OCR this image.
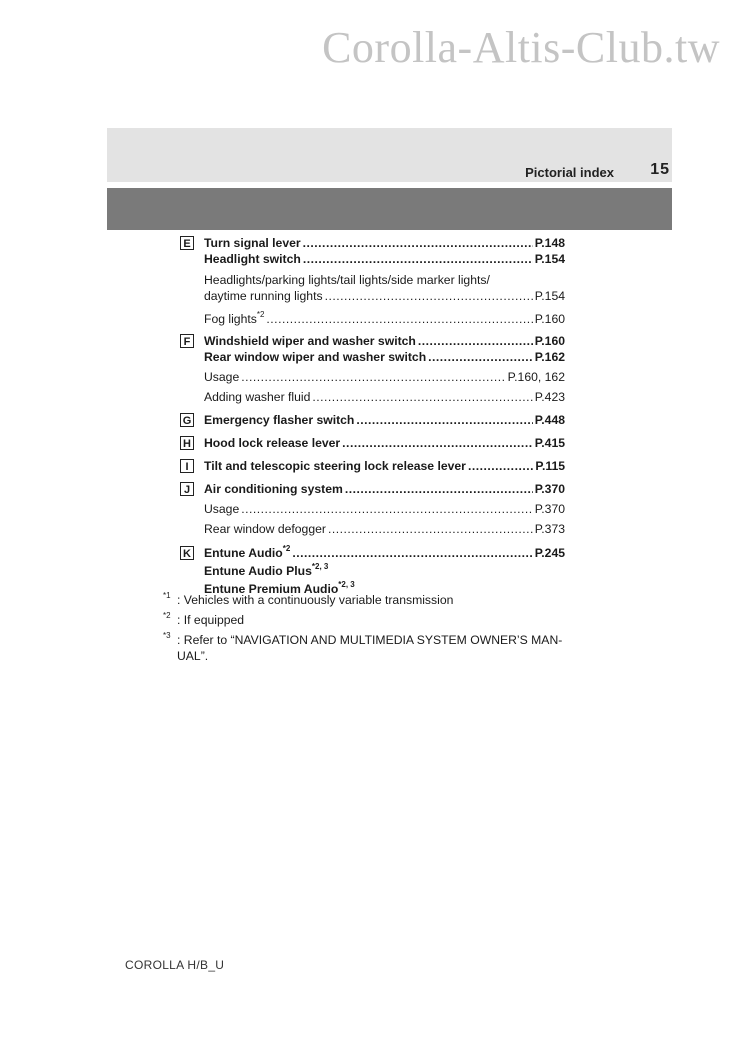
Corolla-Altis-Club.tw
Pictorial index 15
E Turn signal lever .....	P.148
Headlight switch .....	P.154
Headlights/parking lights/tail lights/side marker lights/
daytime running lights .....	P.154
Fog lights$^{*2}$ .....	P.160
F Windshield wiper and washer switch .....	P.160
Rear window wiper and washer switch .....	P.162
Usage .....	P.160, 162
Adding washer fluid .....	P.423
G Emergency flasher switch .....	P.448
H Hood lock release lever .....	P.415
I	Tilt and telescopic steering lock release lever .....	P.115
J	Air conditioning system .....	P.370
Usage .....	P.370
Rear window defogger .....	P.373
K Entune Audio$^{*2}$ .....	P.245
Entune Audio Plus$^{*2, 3}$
Entune Premium Audio$^{*2, 3}$
$^{*1}$ : Vehicles with a continuously variable transmission
$^{*2}$ : If equipped
$^{*3}$ : Refer to “NAVIGATION AND MULTIMEDIA SYSTEM OWNER’S MAN-UAL”.
COROLLA H/B_U
